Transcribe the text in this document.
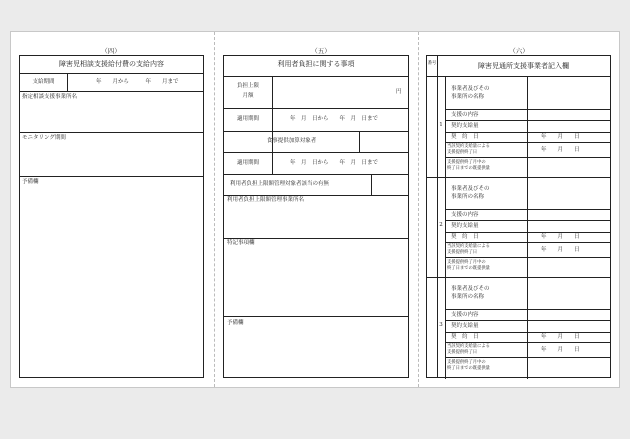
（四）	（五）	（六）
障害児相談支援給付費の支給内容
支給期間	年　　月から　　　年　　月まで
指定相談支援事業所名
モニタリング期間
予備欄
利用者負担に関する事項
負担上限
月額
円
適用期間	年　月　日から　　年　月　日まで
食事提供加算対象者
適用期間	年　月　日から　　年　月　日まで
利用者負担上限額管理対象者該当の有無
利用者負担上限額管理事業所名
特記事項欄
予備欄
番号	障害児通所支援事業者記入欄
1
事業者及びその
事業所の名称
支援の内容
契約支給量
契　約　日	年　　月　　日
当該契約支給量による
支援提供終了日	年　　月　　日
支援提供終了月中の
終了日までの既提供量
2
事業者及びその
事業所の名称
支援の内容
契約支給量
契　約　日	年　　月　　日
当該契約支給量による
支援提供終了日	年　　月　　日
支援提供終了月中の
終了日までの既提供量
3
事業者及びその
事業所の名称
支援の内容
契約支給量
契　約　日	年　　月　　日
当該契約支給量による
支援提供終了日	年　　月　　日
支援提供終了月中の
終了日までの既提供量
